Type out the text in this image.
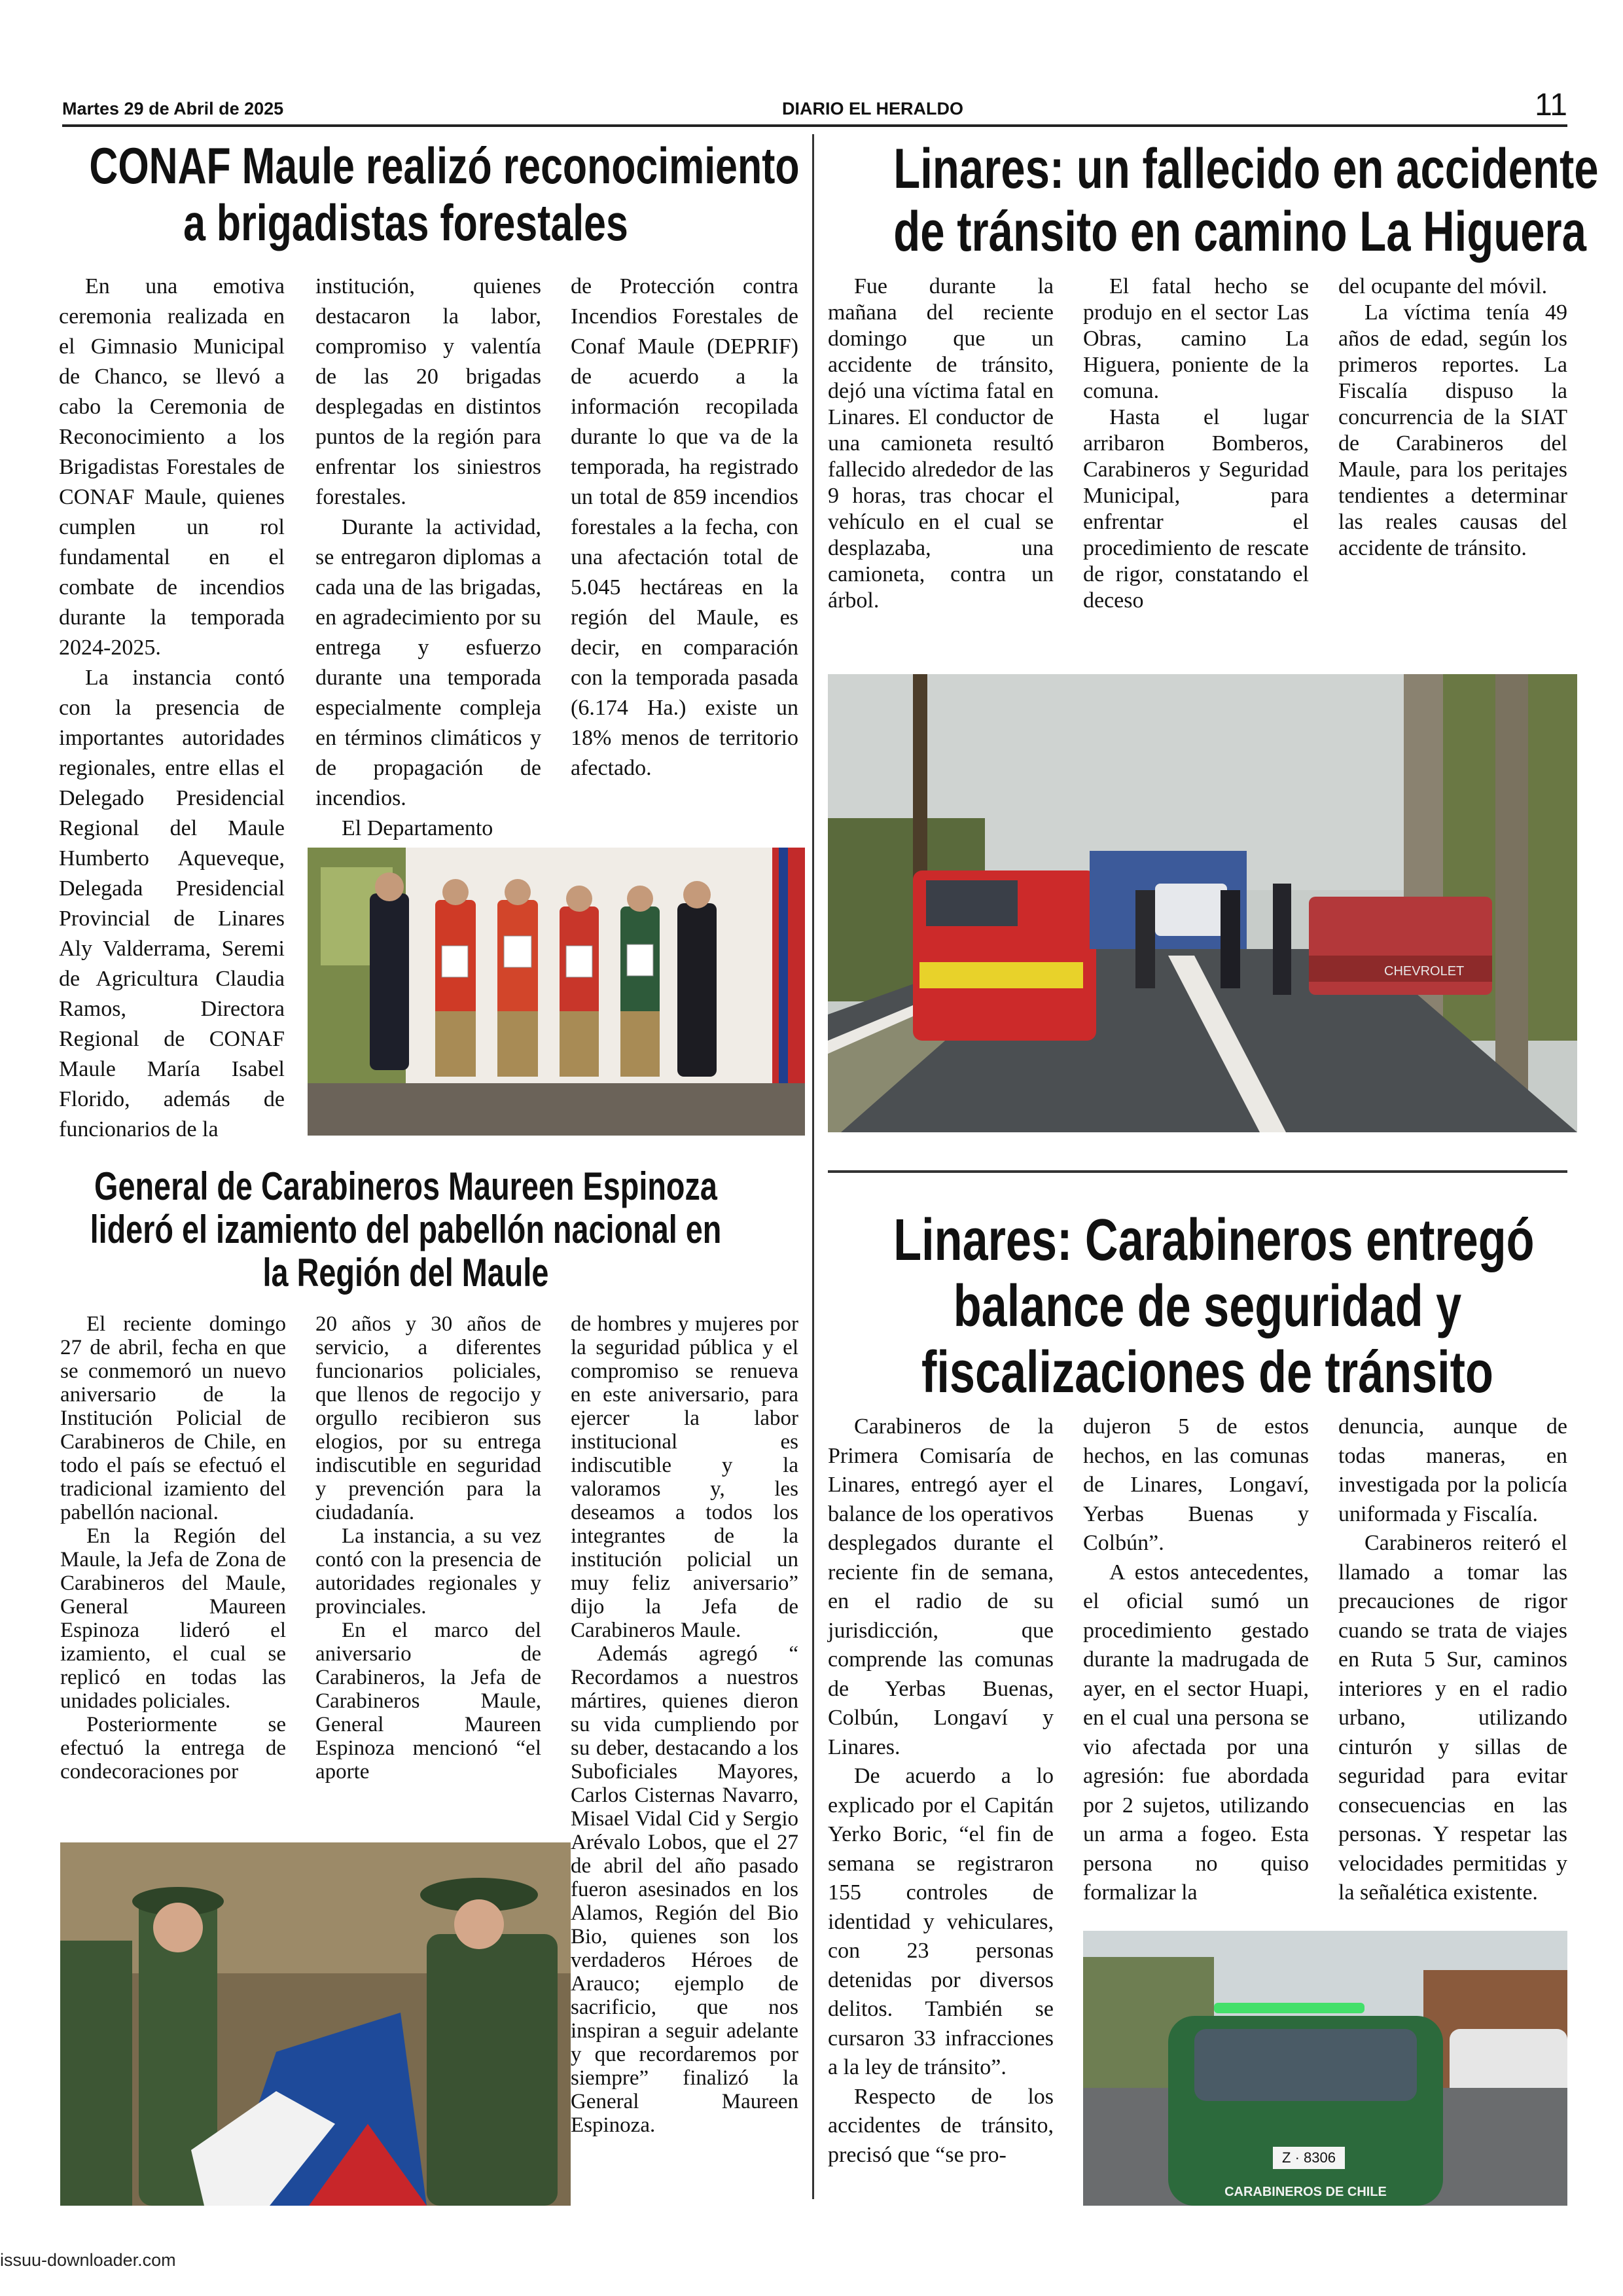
Martes 29 de Abril de 2025	DIARIO EL HERALDO	11
CONAF Maule realizó reconocimiento
a brigadistas forestales

En una emotiva ceremonia realizada en el Gimnasio Municipal de Chanco, se llevó a cabo la Ceremonia de Reconocimiento a los Brigadistas Forestales de CONAF Maule, quienes cumplen un rol fundamental en el combate de incendios durante la temporada 2024-2025.

La instancia contó con la presencia de importantes autoridades regionales, entre ellas el Delegado Presidencial Regional del Maule Humberto Aqueveque, Delegada Presidencial Provincial de Linares Aly Valderrama, Seremi de Agricultura Claudia Ramos, Directora Regional de CONAF Maule María Isabel Florido, además de funcionarios de la

institución, quienes destacaron la labor, compromiso y valentía de las 20 brigadas desplegadas en distintos puntos de la región para enfrentar los siniestros forestales.

Durante la actividad, se entregaron diplomas a cada una de las brigadas, en agradecimiento por su entrega y esfuerzo durante una temporada especialmente compleja en términos climáticos y de propagación de incendios.

El Departamento

de Protección contra Incendios Forestales de Conaf Maule (DEPRIF) de acuerdo a la información recopilada durante lo que va de la temporada, ha registrado un total de 859 incendios forestales a la fecha, con una afectación total de 5.045 hectáreas en la región del Maule, es decir, en comparación con la temporada pasada (6.174 Ha.) existe un 18% menos de territorio afectado.

Linares: un fallecido en accidente
de tránsito en camino La Higuera

Fue durante la mañana del reciente domingo que un accidente de tránsito, dejó una víctima fatal en Linares. El conductor de una camioneta resultó fallecido alrededor de las 9 horas, tras chocar el vehículo en el cual se desplazaba, una camioneta, contra un árbol.

El fatal hecho se produjo en el sector Las Obras, camino La Higuera, poniente de la comuna.

Hasta el lugar arribaron Bomberos, Carabineros y Seguridad Municipal, para enfrentar el procedimiento de rescate de rigor, constatando el deceso

del ocupante del móvil.

La víctima tenía 49 años de edad, según los primeros reportes. La Fiscalía dispuso la concurrencia de la SIAT de Carabineros del Maule, para los peritajes tendientes a determinar las reales causas del accidente de tránsito.

CHEVROLET
General de Carabineros Maureen Espinoza
lideró el izamiento del pabellón nacional en
la Región del Maule

El reciente domingo 27 de abril, fecha en que se conmemoró un nuevo aniversario de la Institución Policial de Carabineros de Chile, en todo el país se efectuó el tradicional izamiento del pabellón nacional.

En la Región del Maule, la Jefa de Zona de Carabineros del Maule, General Maureen Espinoza lideró el izamiento, el cual se replicó en todas las unidades policiales.

Posteriormente se efectuó la entrega de condecoraciones por

20 años y 30 años de servicio, a diferentes funcionarios policiales, que llenos de regocijo y orgullo recibieron sus elogios, por su entrega indiscutible en seguridad y prevención para la ciudadanía.

La instancia, a su vez contó con la presencia de autoridades regionales y provinciales.

En el marco del aniversario de Carabineros, la Jefa de Carabineros Maule, General Maureen Espinoza mencionó “el aporte

de hombres y mujeres por la seguridad pública y el compromiso se renueva en este aniversario, para ejercer la labor institucional es indiscutible y la valoramos y, les deseamos a todos los integrantes de la institución policial un muy feliz aniversario” dijo la Jefa de Carabineros Maule.

Además agregó “ Recordamos a nuestros mártires, quienes dieron su vida cumpliendo por su deber, destacando a los Suboficiales Mayores, Carlos Cisternas Navarro, Misael Vidal Cid y Sergio Arévalo Lobos, que el 27 de abril del año pasado fueron asesinados en los Alamos, Región del Bio Bio, quienes son los verdaderos Héroes de Arauco; ejemplo de sacrificio, que nos inspiran a seguir adelante y que recordaremos por siempre” finalizó la General Maureen Espinoza.

Linares: Carabineros entregó
balance de seguridad y
fiscalizaciones de tránsito

Carabineros de la Primera Comisaría de Linares, entregó ayer el balance de los operativos desplegados durante el reciente fin de semana, en el radio de su jurisdicción, que comprende las comunas de Yerbas Buenas, Colbún, Longaví y Linares.

De acuerdo a lo explicado por el Capitán Yerko Boric, “el fin de semana se registraron 155 controles de identidad y vehiculares, con 23 personas detenidas por diversos delitos. También se cursaron 33 infracciones a la ley de tránsito”.

Respecto de los accidentes de tránsito, precisó que “se pro-

dujeron 5 de estos hechos, en las comunas de Linares, Longaví, Yerbas Buenas y Colbún”.

A estos antecedentes, el oficial sumó un procedimiento gestado durante la madrugada de ayer, en el sector Huapi, en el cual una persona se vio afectada por una agresión: fue abordada por 2 sujetos, utilizando un arma a fogeo. Esta persona no quiso formalizar la

denuncia, aunque de todas maneras, en investigada por la policía uniformada y Fiscalía.

Carabineros reiteró el llamado a tomar las precauciones de rigor cuando se trata de viajes en Ruta 5 Sur, caminos interiores y en el radio urbano, utilizando cinturón y sillas de seguridad para evitar consecuencias en las personas. Y respetar las velocidades permitidas y la señalética existente.

Z · 8306
CARABINEROS DE CHILE
issuu-downloader.com
